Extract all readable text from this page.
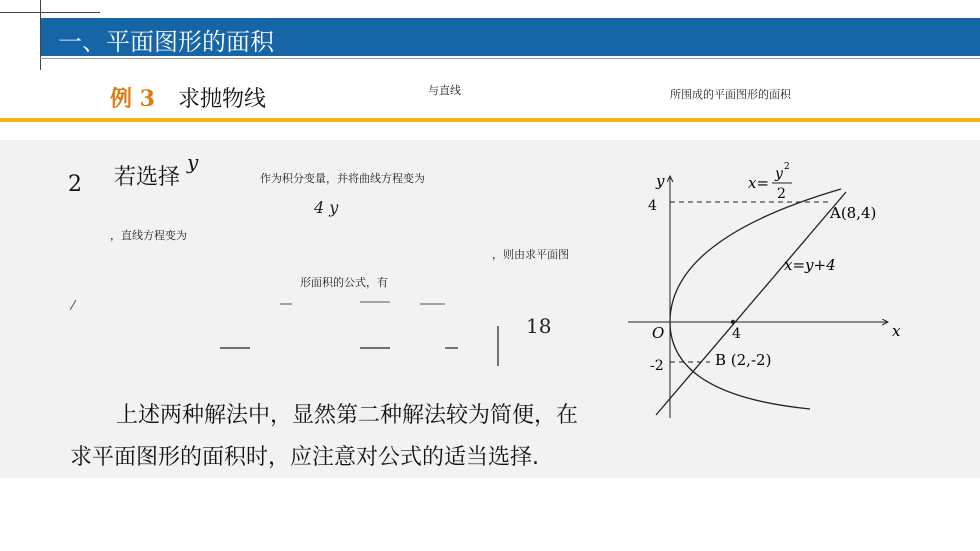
一、平面图形的面积
例 3 求抛物线	与直线	所围成的平面图形的面积
2 若选择
y
作为积分变量，并将曲线方程变为
4 y
，直线方程变为
，则由求平面图
形面积的公式，有
18
上述两种解法中，显然第二种解法较为简便，在
求平面图形的面积时，应注意对公式的适当选择.
x
y
O	4
4
-2
A(8,4)
B (2,-2)
x=y+4
x= y 2
2
